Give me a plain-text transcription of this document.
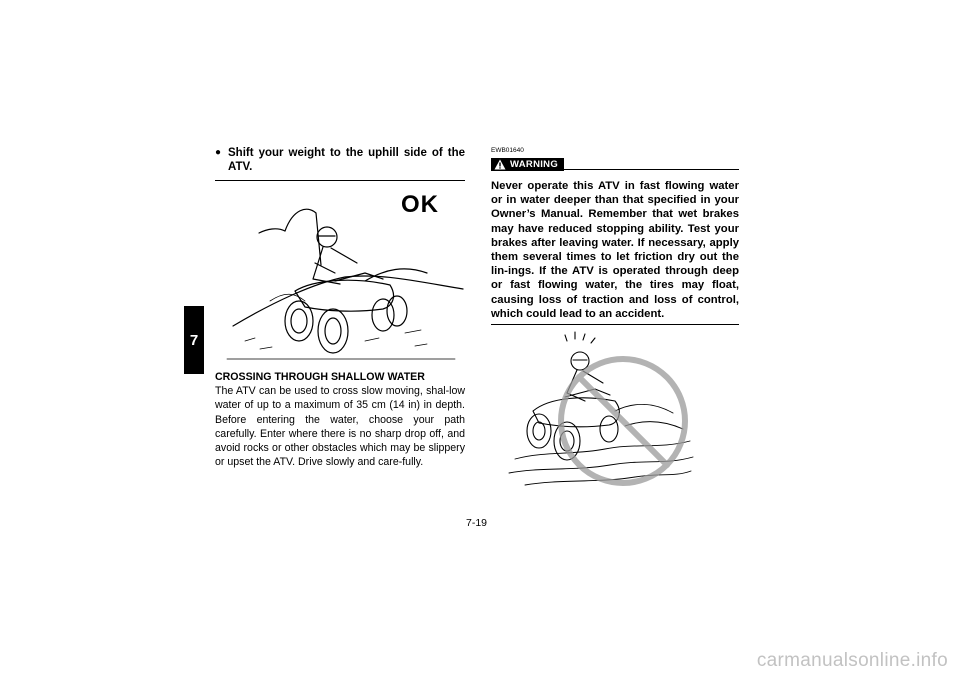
7
● Shift your weight to the uphill side of the ATV.
OK
CROSSING THROUGH SHALLOW WATER
The ATV can be used to cross slow moving, shal-low water of up to a maximum of 35 cm (14 in) in depth. Before entering the water, choose your path carefully. Enter where there is no sharp drop off, and avoid rocks or other obstacles which may be slippery or upset the ATV. Drive slowly and care-fully.
EWB01640
WARNING
Never operate this ATV in fast flowing water or in water deeper than that specified in your Owner’s Manual. Remember that wet brakes may have reduced stopping ability. Test your brakes after leaving water. If necessary, apply them several times to let friction dry out the lin-ings. If the ATV is operated through deep or fast flowing water, the tires may float, causing loss of traction and loss of control, which could lead to an accident.
7-19
carmanualsonline.info
